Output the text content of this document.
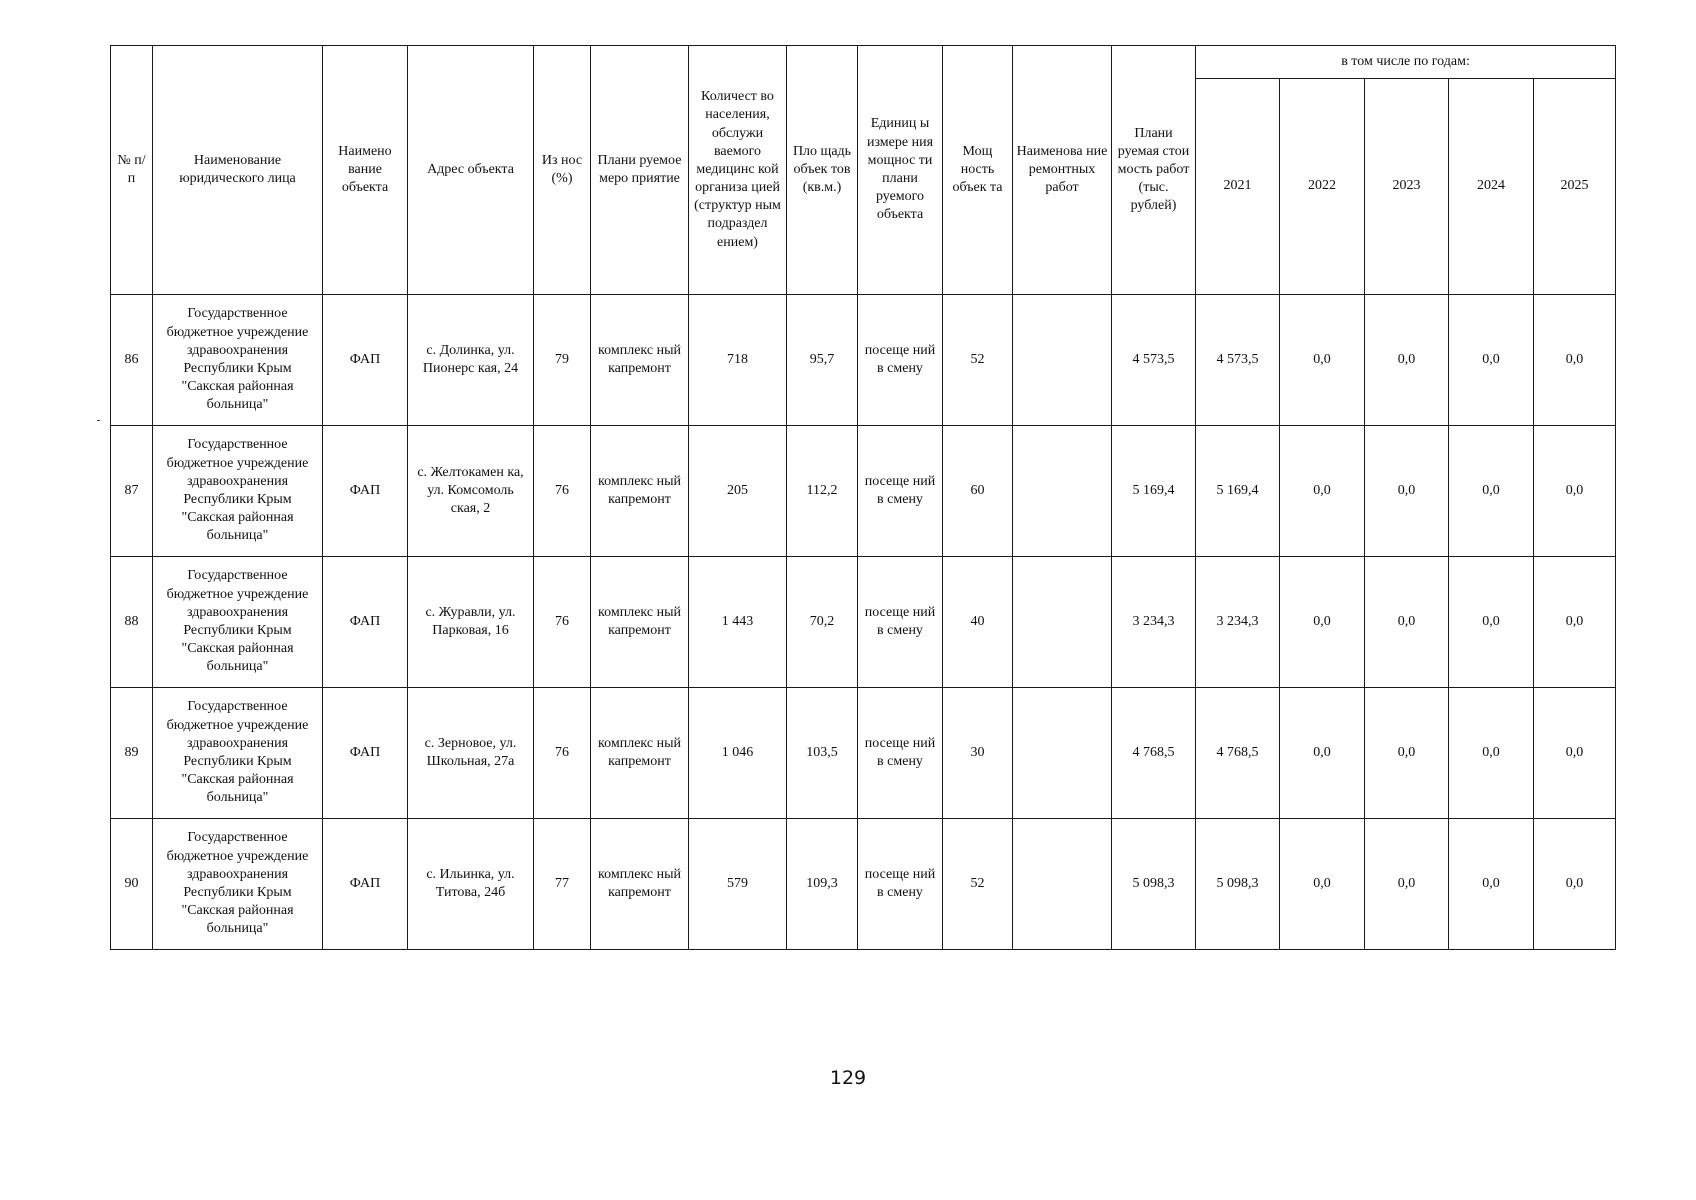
№ п/п	Наименование юридического лица	Наимено вание объекта	Адрес объекта	Из нос (%)	Плани руемое меро приятие	Количест во населения, обслужи ваемого медицинс кой организа цией (структур ным подраздел ением)	Пло щадь объек тов (кв.м.)	Единиц ы измере ния мощнос ти плани руемого объекта	Мощ ность объек та	Наименова ние ремонтных работ	Плани руемая стои мость работ (тыс. рублей)	в том числе по годам:				
												2021	2022	2023	2024	2025
86	Государственное бюджетное учреждение здравоохранения Республики Крым "Сакская районная больница"	ФАП	с. Долинка, ул. Пионерс кая, 24	79	комплекс ный капремонт	718	95,7	посеще ний в смену	52		4 573,5	4 573,5	0,0	0,0	0,0	0,0
87	Государственное бюджетное учреждение здравоохранения Республики Крым "Сакская районная больница"	ФАП	с. Желтокамен ка, ул. Комсомоль ская, 2	76	комплекс ный капремонт	205	112,2	посеще ний в смену	60		5 169,4	5 169,4	0,0	0,0	0,0	0,0
88	Государственное бюджетное учреждение здравоохранения Республики Крым "Сакская районная больница"	ФАП	с. Журавли, ул. Парковая, 16	76	комплекс ный капремонт	1 443	70,2	посеще ний в смену	40		3 234,3	3 234,3	0,0	0,0	0,0	0,0
89	Государственное бюджетное учреждение здравоохранения Республики Крым "Сакская районная больница"	ФАП	с. Зерновое, ул. Школьная, 27а	76	комплекс ный капремонт	1 046	103,5	посеще ний в смену	30		4 768,5	4 768,5	0,0	0,0	0,0	0,0
90	Государственное бюджетное учреждение здравоохранения Республики Крым "Сакская районная больница"	ФАП	с. Ильинка, ул. Титова, 24б	77	комплекс ный капремонт	579	109,3	посеще ний в смену	52		5 098,3	5 098,3	0,0	0,0	0,0	0,0
129
